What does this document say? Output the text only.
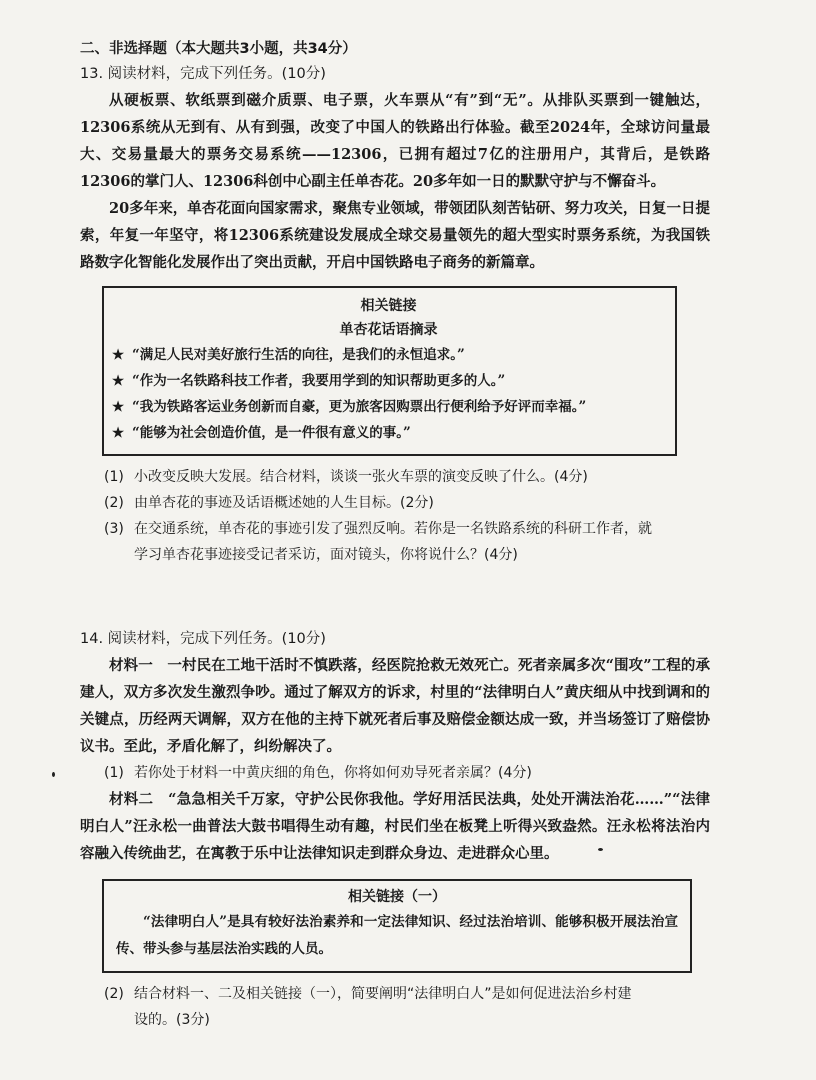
二、非选择题（本大题共3小题，共34分）
13. 阅读材料，完成下列任务。(10分)
从硬板票、软纸票到磁介质票、电子票，火车票从“有”到“无”。从排队买票到一键触达，12306系统从无到有、从有到强，改变了中国人的铁路出行体验。截至2024年，全球访问量最大、交易量最大的票务交易系统——12306，已拥有超过7亿的注册用户，其背后，是铁路12306的掌门人、12306科创中心副主任单杏花。20多年如一日的默默守护与不懈奋斗。
20多年来，单杏花面向国家需求，聚焦专业领域，带领团队刻苦钻研、努力攻关，日复一日提索，年复一年坚守，将12306系统建设发展成全球交易量领先的超大型实时票务系统，为我国铁路数字化智能化发展作出了突出贡献，开启中国铁路电子商务的新篇章。
相关链接
单杏花话语摘录
★ “满足人民对美好旅行生活的向往，是我们的永恒追求。”
★ “作为一名铁路科技工作者，我要用学到的知识帮助更多的人。”
★ “我为铁路客运业务创新而自豪，更为旅客因购票出行便利给予好评而幸福。”
★ “能够为社会创造价值，是一件很有意义的事。”
(1) 小改变反映大发展。结合材料，谈谈一张火车票的演变反映了什么。(4分)
(2) 由单杏花的事迹及话语概述她的人生目标。(2分)
(3) 在交通系统，单杏花的事迹引发了强烈反响。若你是一名铁路系统的科研工作者，就
学习单杏花事迹接受记者采访，面对镜头，你将说什么？(4分)
14. 阅读材料，完成下列任务。(10分)
材料一　一村民在工地干活时不慎跌落，经医院抢救无效死亡。死者亲属多次“围攻”工程的承建人，双方多次发生激烈争吵。通过了解双方的诉求，村里的“法律明白人”黄庆细从中找到调和的关键点，历经两天调解，双方在他的主持下就死者后事及赔偿金额达成一致，并当场签订了赔偿协议书。至此，矛盾化解了，纠纷解决了。
(1) 若你处于材料一中黄庆细的角色，你将如何劝导死者亲属？(4分)
材料二　“急急相关千万家，守护公民你我他。学好用活民法典，处处开满法治花……”“法律明白人”汪永松一曲普法大鼓书唱得生动有趣，村民们坐在板凳上听得兴致盎然。汪永松将法治内容融入传统曲艺，在寓教于乐中让法律知识走到群众身边、走进群众心里。
相关链接（一）
“法律明白人”是具有较好法治素养和一定法律知识、经过法治培训、能够积极开展法治宣传、带头参与基层法治实践的人员。
(2) 结合材料一、二及相关链接（一），简要阐明“法律明白人”是如何促进法治乡村建
设的。(3分)
